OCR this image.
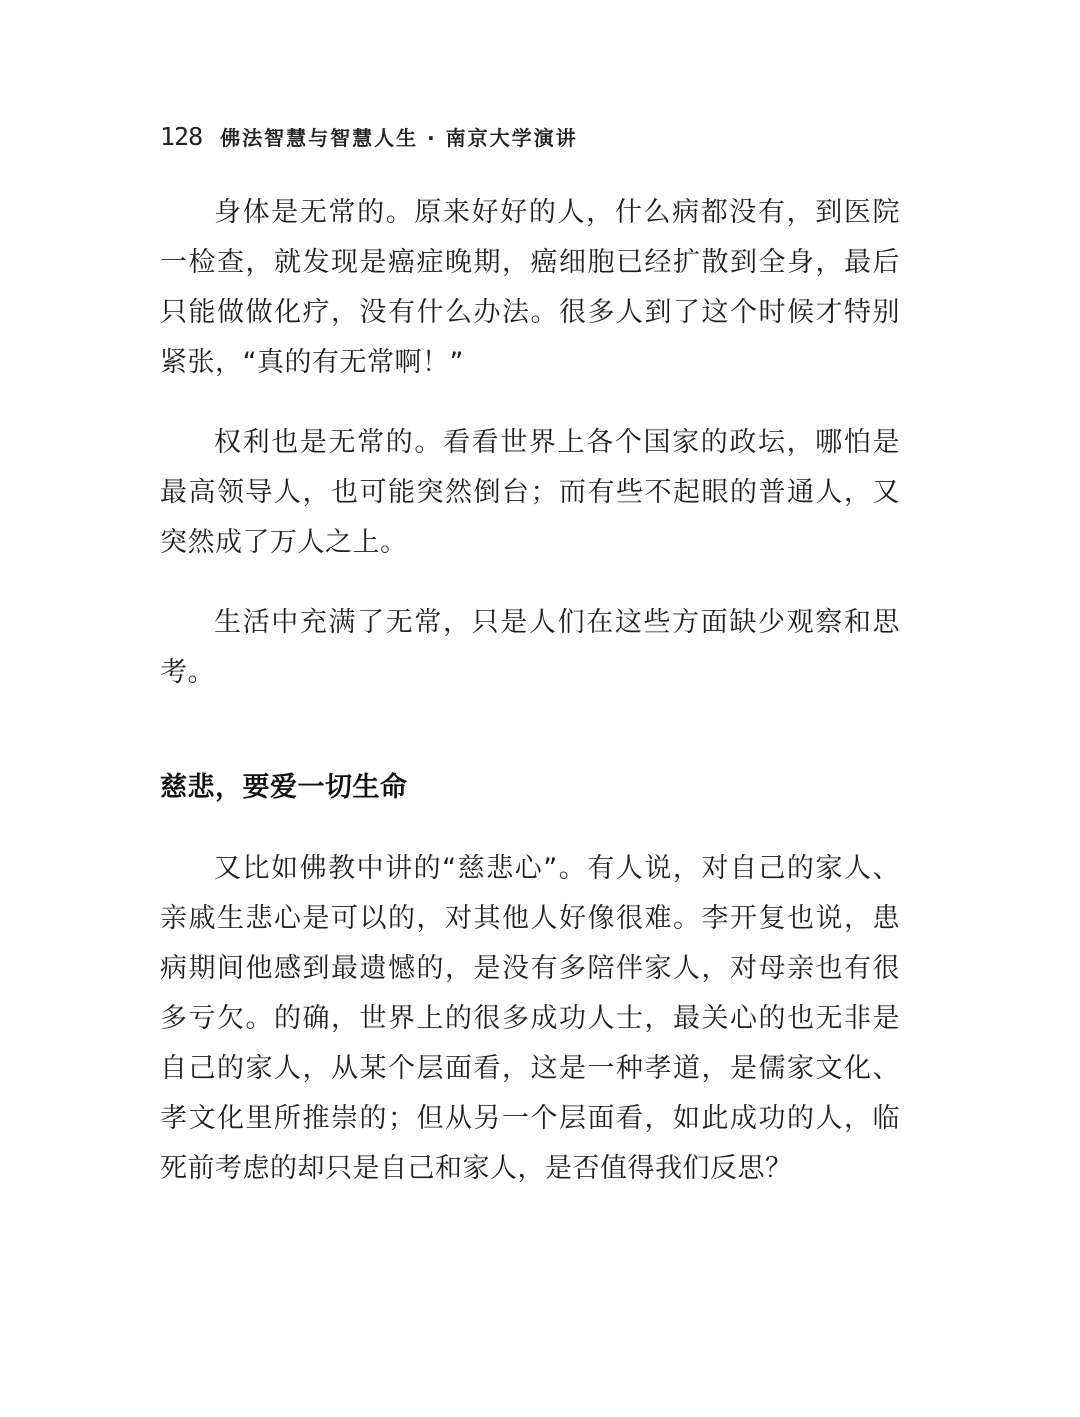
128 佛法智慧与智慧人生 · 南京大学演讲

身体是无常的。原来好好的人，什么病都没有，到医院一检查，就发现是癌症晚期，癌细胞已经扩散到全身，最后只能做做化疗，没有什么办法。很多人到了这个时候才特别紧张，“真的有无常啊！”

权利也是无常的。看看世界上各个国家的政坛，哪怕是最高领导人，也可能突然倒台；而有些不起眼的普通人，又突然成了万人之上。

生活中充满了无常，只是人们在这些方面缺少观察和思考。

慈悲，要爱一切生命

又比如佛教中讲的“慈悲心”。有人说，对自己的家人、亲戚生悲心是可以的，对其他人好像很难。李开复也说，患病期间他感到最遗憾的，是没有多陪伴家人，对母亲也有很多亏欠。的确，世界上的很多成功人士，最关心的也无非是自己的家人，从某个层面看，这是一种孝道，是儒家文化、孝文化里所推崇的；但从另一个层面看，如此成功的人，临死前考虑的却只是自己和家人，是否值得我们反思？
